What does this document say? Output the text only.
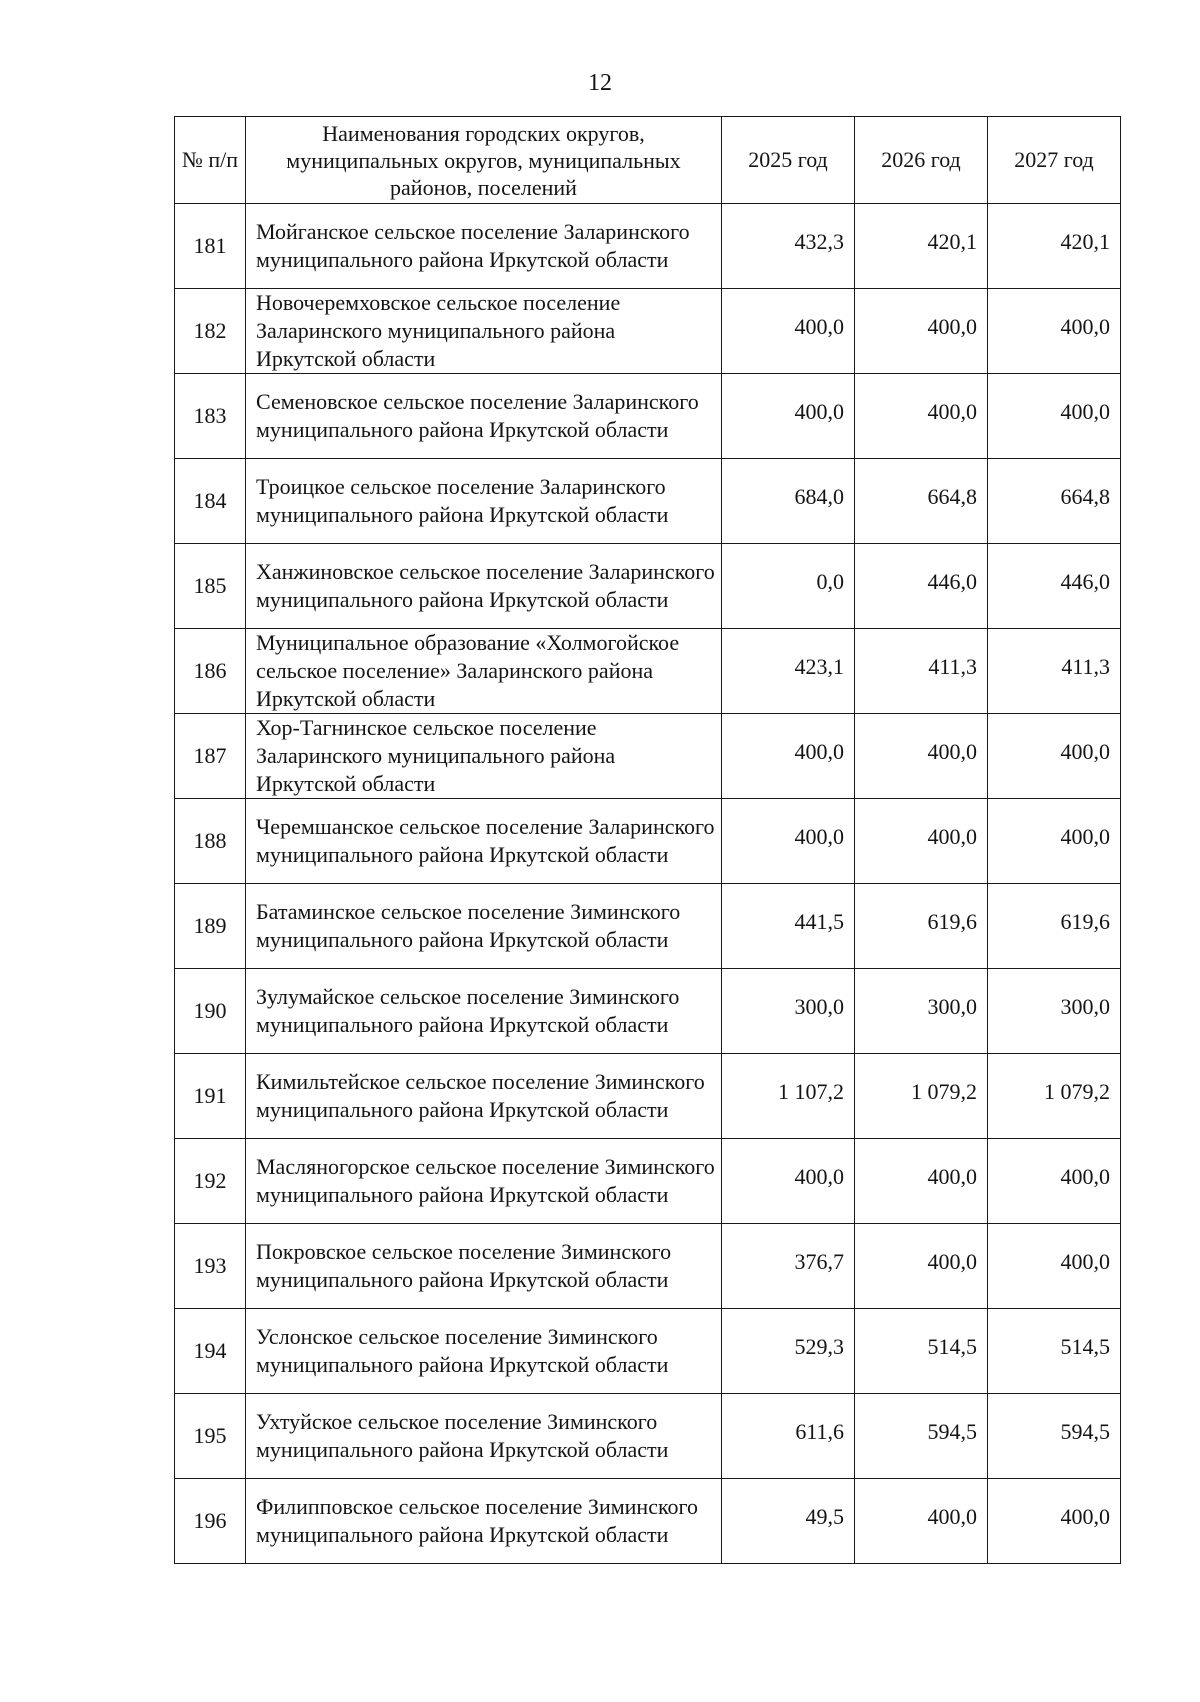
12
№ п/п	Наименования городских округов, муниципальных округов, муниципальных районов, поселений	2025 год	2026 год	2027 год
181	Мойганское сельское поселение Заларинского муниципального района Иркутской области	432,3	420,1	420,1
182	Новочеремховское сельское поселение Заларинского муниципального района Иркутской области	400,0	400,0	400,0
183	Семеновское сельское поселение Заларинского муниципального района Иркутской области	400,0	400,0	400,0
184	Троицкое сельское поселение Заларинского муниципального района Иркутской области	684,0	664,8	664,8
185	Ханжиновское сельское поселение Заларинского муниципального района Иркутской области	0,0	446,0	446,0
186	Муниципальное образование «Холмогойское сельское поселение» Заларинского района Иркутской области	423,1	411,3	411,3
187	Хор-Тагнинское сельское поселение Заларинского муниципального района Иркутской области	400,0	400,0	400,0
188	Черемшанское сельское поселение Заларинского муниципального района Иркутской области	400,0	400,0	400,0
189	Батаминское сельское поселение Зиминского муниципального района Иркутской области	441,5	619,6	619,6
190	Зулумайское сельское поселение Зиминского муниципального района Иркутской области	300,0	300,0	300,0
191	Кимильтейское сельское поселение Зиминского муниципального района Иркутской области	1 107,2	1 079,2	1 079,2
192	Масляногорское сельское поселение Зиминского муниципального района Иркутской области	400,0	400,0	400,0
193	Покровское сельское поселение Зиминского муниципального района Иркутской области	376,7	400,0	400,0
194	Услонское сельское поселение Зиминского муниципального района Иркутской области	529,3	514,5	514,5
195	Ухтуйское сельское поселение Зиминского муниципального района Иркутской области	611,6	594,5	594,5
196	Филипповское сельское поселение Зиминского муниципального района Иркутской области	49,5	400,0	400,0
